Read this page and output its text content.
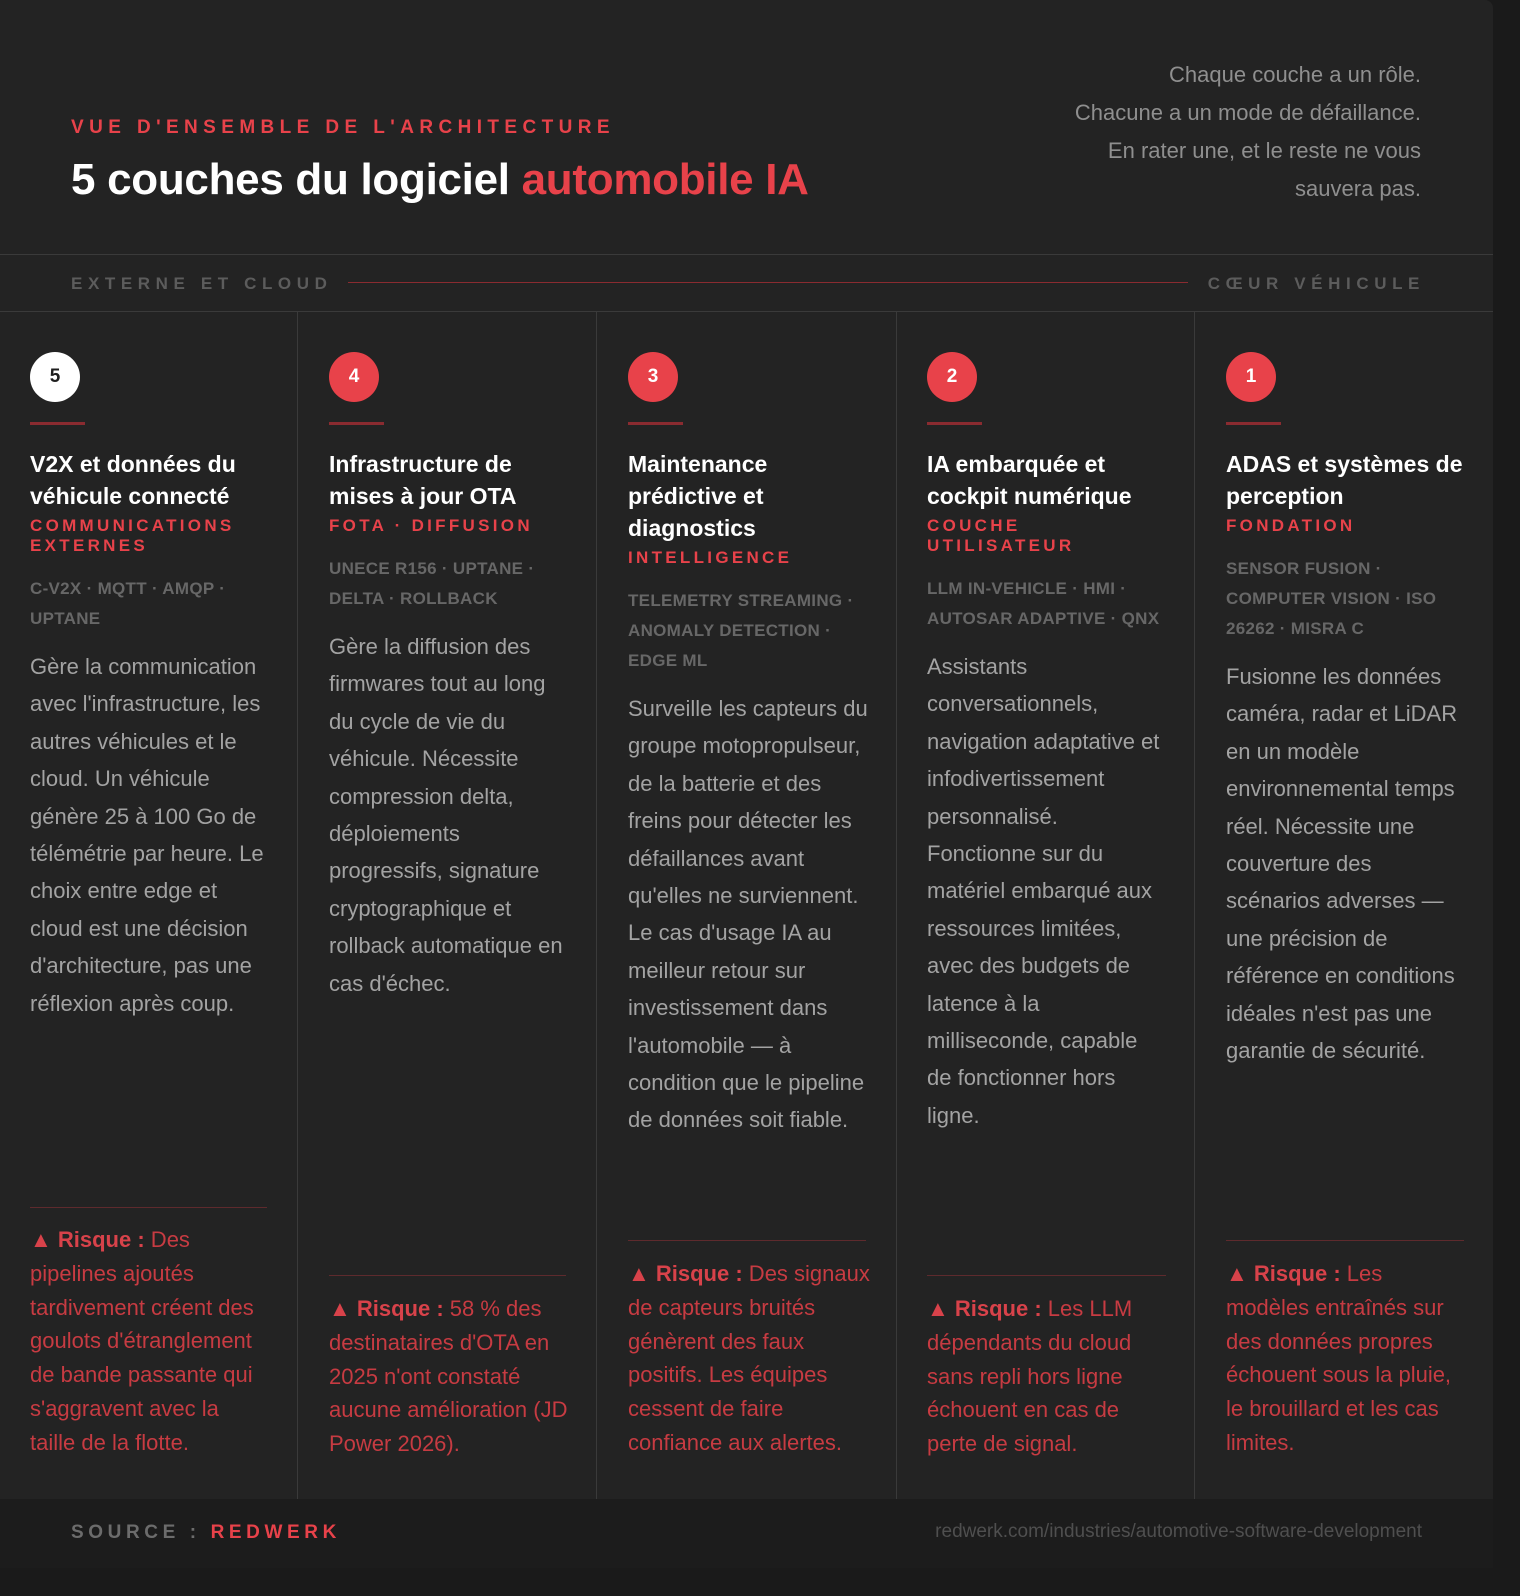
VUE D'ENSEMBLE DE L'ARCHITECTURE
5 couches du logiciel automobile IA
Chaque couche a un rôle.
Chacune a un mode de défaillance.
En rater une, et le reste ne vous
sauvera pas.
EXTERNE ET CLOUD	CŒUR VÉHICULE
5
V2X et données du véhicule connecté
COMMUNICATIONS EXTERNES
C-V2X · MQTT · AMQP · UPTANE
Gère la communication avec l'infrastructure, les autres véhicules et le cloud. Un véhicule génère 25 à 100 Go de télémétrie par heure. Le choix entre edge et cloud est une décision d'architecture, pas une réflexion après coup.
▲ Risque : Des pipelines ajoutés tardivement créent des goulots d'étranglement de bande passante qui s'aggravent avec la taille de la flotte.
4
Infrastructure de mises à jour OTA
FOTA · DIFFUSION
UNECE R156 · UPTANE · DELTA · ROLLBACK
Gère la diffusion des firmwares tout au long du cycle de vie du véhicule. Nécessite compression delta, déploiements progressifs, signature cryptographique et rollback automatique en cas d'échec.
▲ Risque : 58 % des destinataires d'OTA en 2025 n'ont constaté aucune amélioration (JD Power 2026).
3
Maintenance prédictive et diagnostics
INTELLIGENCE
TELEMETRY STREAMING · ANOMALY DETECTION · EDGE ML
Surveille les capteurs du groupe motopropulseur, de la batterie et des freins pour détecter les défaillances avant qu'elles ne surviennent. Le cas d'usage IA au meilleur retour sur investissement dans l'automobile — à condition que le pipeline de données soit fiable.
▲ Risque : Des signaux de capteurs bruités génèrent des faux positifs. Les équipes cessent de faire confiance aux alertes.
2
IA embarquée et cockpit numérique
COUCHE UTILISATEUR
LLM IN-VEHICLE · HMI · AUTOSAR ADAPTIVE · QNX
Assistants conversationnels, navigation adaptative et infodivertissement personnalisé. Fonctionne sur du matériel embarqué aux ressources limitées, avec des budgets de latence à la milliseconde, capable de fonctionner hors ligne.
▲ Risque : Les LLM dépendants du cloud sans repli hors ligne échouent en cas de perte de signal.
1
ADAS et systèmes de perception
FONDATION
SENSOR FUSION · COMPUTER VISION · ISO 26262 · MISRA C
Fusionne les données caméra, radar et LiDAR en un modèle environnemental temps réel. Nécessite une couverture des scénarios adverses — une précision de référence en conditions idéales n'est pas une garantie de sécurité.
▲ Risque : Les modèles entraînés sur des données propres échouent sous la pluie, le brouillard et les cas limites.
SOURCE : REDWERK	redwerk.com/industries/automotive-software-development
